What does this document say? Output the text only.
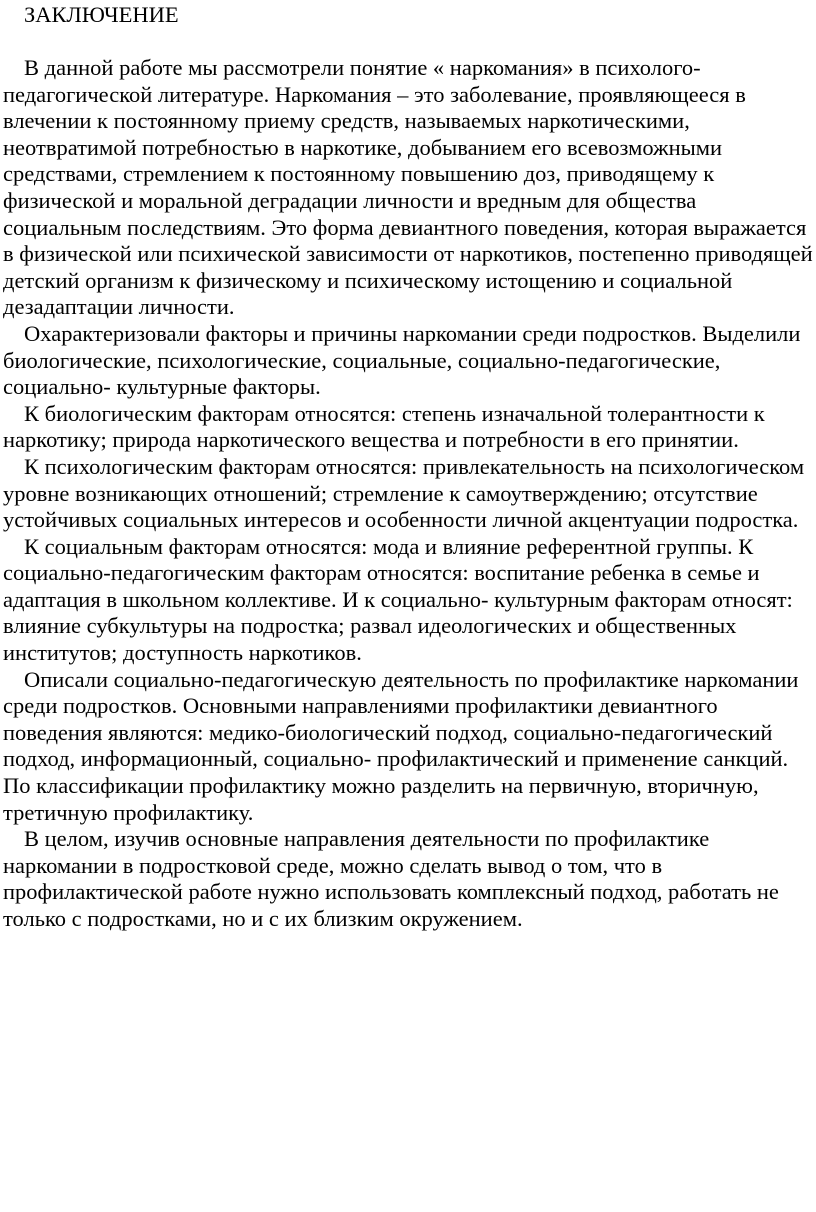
ЗАКЛЮЧЕНИЕ

В данной работе мы рассмотрели понятие « наркомания» в психолого-педагогической литературе. Наркомания – это заболевание, проявляющееся в влечении к постоянному приему средств, называемых наркотическими, неотвратимой потребностью в наркотике, добыванием его всевозможными средствами, стремлением к постоянному повышению доз, приводящему к физической и моральной деградации личности и вредным для общества социальным последствиям. Это форма девиантного поведения, которая выражается в физической или психической зависимости от наркотиков, постепенно приводящей детский организм к физическому и психическому истощению и социальной дезадаптации личности.

Охарактеризовали факторы и причины наркомании среди подростков. Выделили биологические, психологические, социальные, социально-педагогические, социально- культурные факторы.

К биологическим факторам относятся: степень изначальной толерантности к наркотику; природа наркотического вещества и потребности в его принятии.

К психологическим факторам относятся: привлекательность на психологическом уровне возникающих отношений; стремление к самоутверждению; отсутствие устойчивых социальных интересов и особенности личной акцентуации подростка.

К социальным факторам относятся: мода и влияние референтной группы. К социально-педагогическим факторам относятся: воспитание ребенка в семье и адаптация в школьном коллективе. И к социально- культурным факторам относят: влияние субкультуры на подростка; развал идеологических и общественных институтов; доступность наркотиков.

Описали социально-педагогическую деятельность по профилактике наркомании среди подростков. Основными направлениями профилактики девиантного поведения являются: медико-биологический подход, социально-педагогический подход, информационный, социально- профилактический и применение санкций. По классификации профилактику можно разделить на первичную, вторичную, третичную профилактику.

В целом, изучив основные направления деятельности по профилактике наркомании в подростковой среде, можно сделать вывод о том, что в профилактической работе нужно использовать комплексный подход, работать не только с подростками, но и с их близким окружением.
